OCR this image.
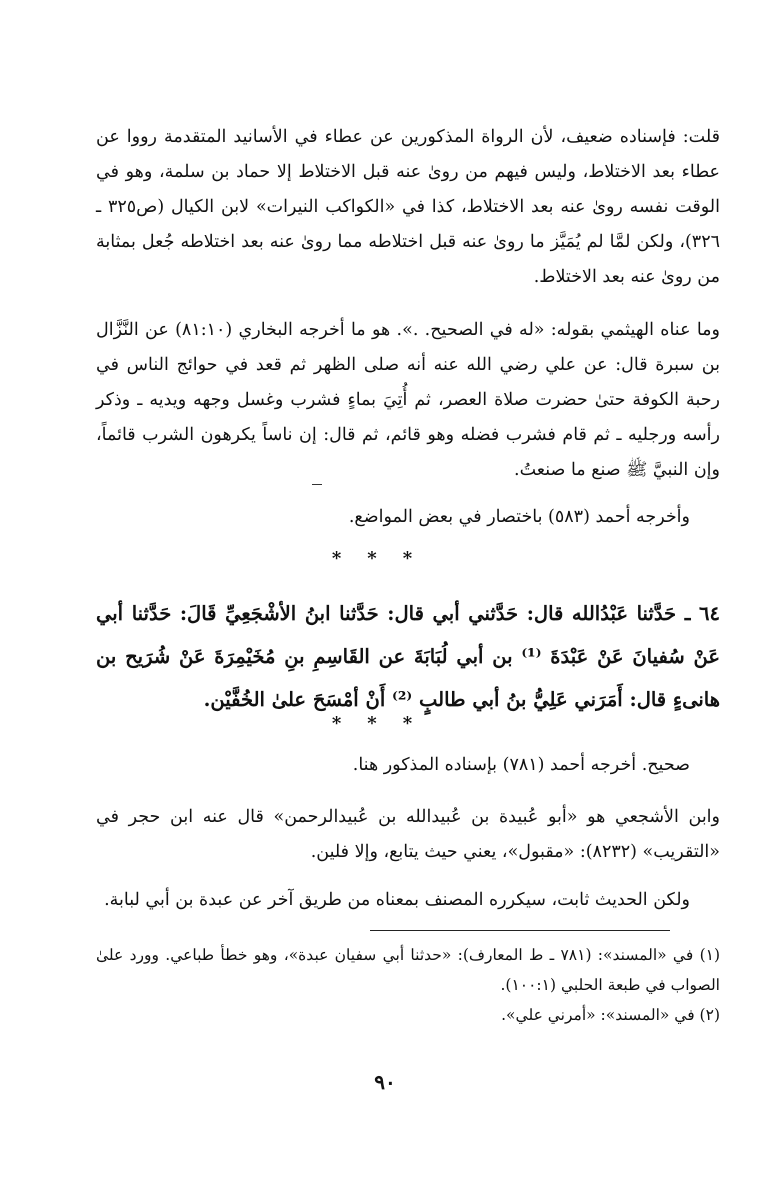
قلت: فإسناده ضعيف، لأن الرواة المذكورين عن عطاء في الأسانيد المتقدمة رووا عن عطاء بعد الاختلاط، وليس فيهم من روىٰ عنه قبل الاختلاط إلا حماد بن سلمة، وهو في الوقت نفسه روىٰ عنه بعد الاختلاط، كذا في «الكواكب النيرات» لابن الكيال (ص٣٢٥ ـ ٣٢٦)، ولكن لمَّا لم يُمَيَّز ما روىٰ عنه قبل اختلاطه مما روىٰ عنه بعد اختلاطه جُعل بمثابة من روىٰ عنه بعد الاختلاط.

وما عناه الهيثمي بقوله: «له في الصحيح. .». هو ما أخرجه البخاري (٨١:١٠) عن النَّزَّال بن سبرة قال: عن علي رضي الله عنه أنه صلى الظهر ثم قعد في حوائج الناس في رحبة الكوفة حتىٰ حضرت صلاة العصر، ثم أُتِيَ بماءٍ فشرب وغسل وجهه ويديه ـ وذكر رأسه ورجليه ـ ثم قام فشرب فضله وهو قائم، ثم قال: إن ناساً يكرهون الشرب قائماً، وإن النبيَّ ﷺ صنع ما صنعتُ.

وأخرجه أحمد (٥٨٣) باختصار في بعض المواضع.

***

٦٤ ـ حَدَّثنا عَبْدُالله قال: حَدَّثني أبي قال: حَدَّثنا ابنُ الأشْجَعِيِّ قَالَ: حَدَّثنا أبي عَنْ سُفيانَ عَنْ عَبْدَةَ ⁽¹⁾ بن أبي لُبَابَةَ عن القَاسِمِ بنِ مُخَيْمِرَةَ عَنْ شُرَيح بن هانىءٍ قال: أَمَرَني عَلِيُّ بنُ أبي طالبٍ ⁽²⁾ أَنْ أمْسَحَ علىٰ الخُفَّيْن.

***

صحيح. أخرجه أحمد (٧٨١) بإسناده المذكور هنا.

وابن الأشجعي هو «أبو عُبيدة بن عُبيدالله بن عُبيدالرحمن» قال عنه ابن حجر في «التقريب» (٨٢٣٢): «مقبول»، يعني حيث يتابع، وإلا فلين.

ولكن الحديث ثابت، سيكرره المصنف بمعناه من طريق آخر عن عبدة بن أبي لبابة.

(١) في «المسند»: (٧٨١ ـ ط المعارف): «حدثنا أبي سفيان عبدة»، وهو خطأ طباعي. وورد علىٰ الصواب في طبعة الحلبي (١٠٠:١).

(٢) في «المسند»: «أمرني علي».

٩٠
